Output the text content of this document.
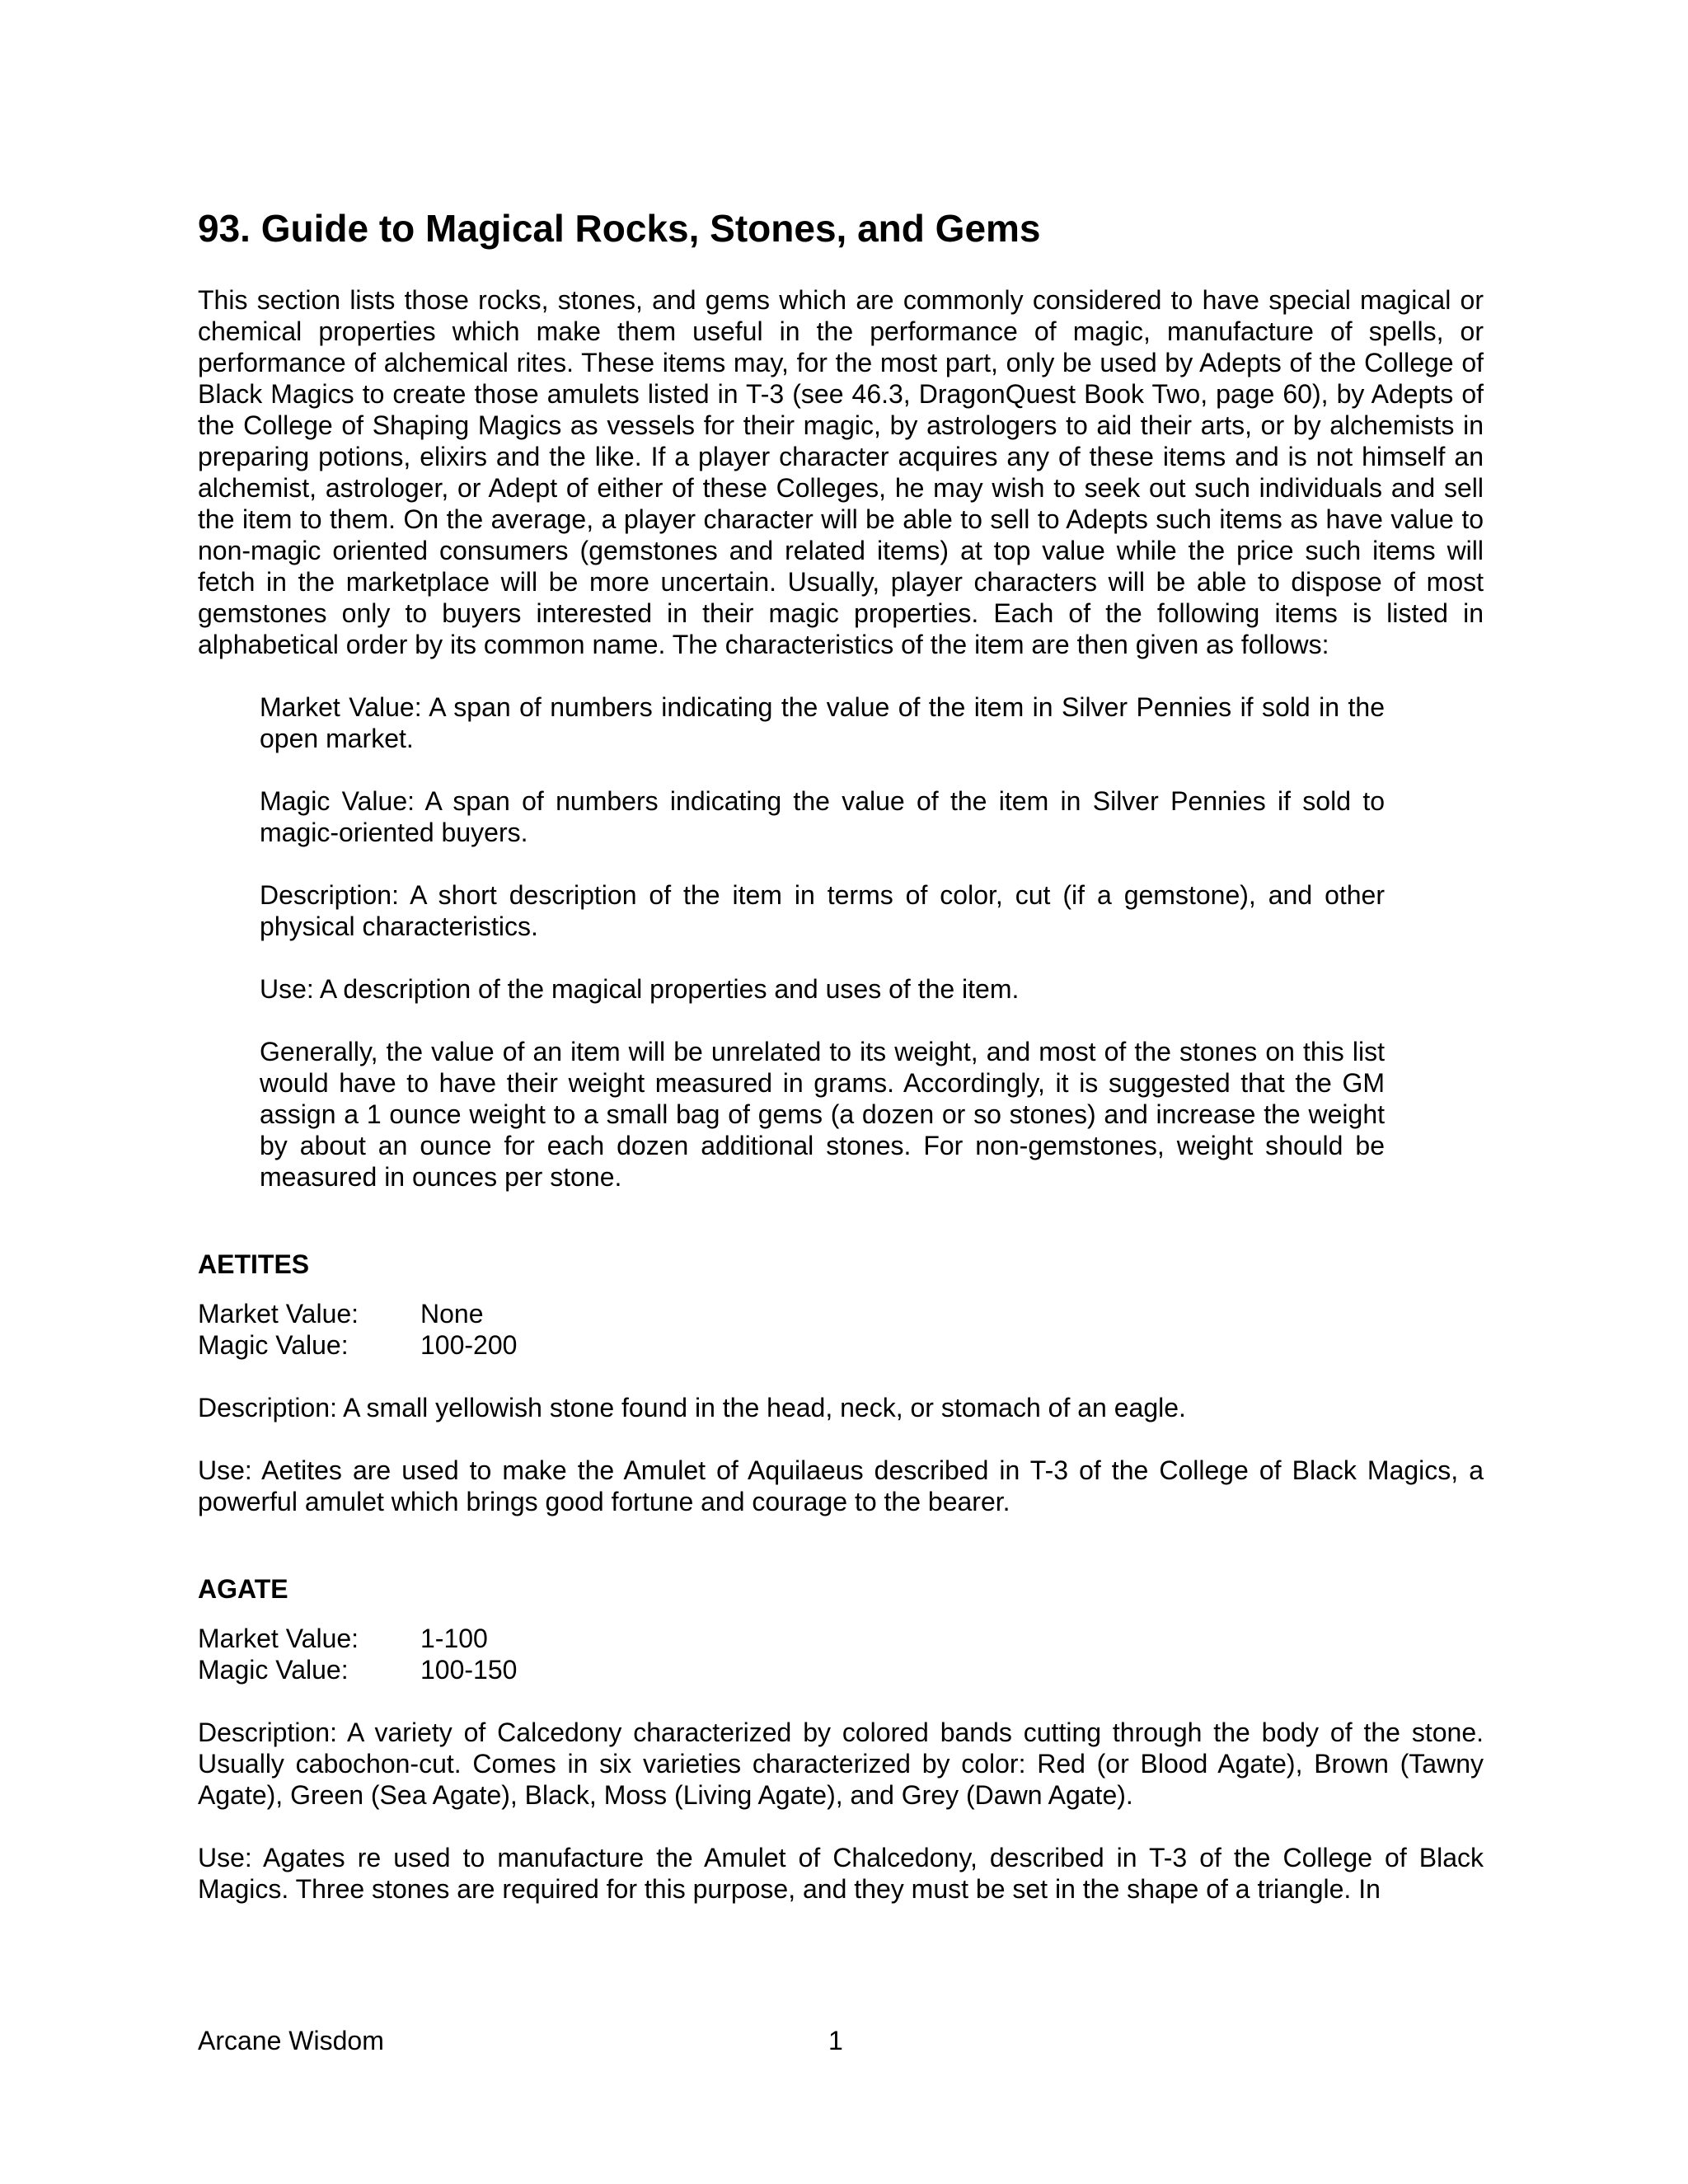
93. Guide to Magical Rocks, Stones, and Gems

This section lists those rocks, stones, and gems which are commonly considered to have special magical or chemical properties which make them useful in the performance of magic, manufacture of spells, or performance of alchemical rites. These items may, for the most part, only be used by Adepts of the College of Black Magics to create those amulets listed in T-3 (see 46.3, DragonQuest Book Two, page 60), by Adepts of the College of Shaping Magics as vessels for their magic, by astrologers to aid their arts, or by alchemists in preparing potions, elixirs and the like. If a player character acquires any of these items and is not himself an alchemist, astrologer, or Adept of either of these Colleges, he may wish to seek out such individuals and sell the item to them. On the average, a player character will be able to sell to Adepts such items as have value to non-magic oriented consumers (gemstones and related items) at top value while the price such items will fetch in the marketplace will be more uncertain. Usually, player characters will be able to dispose of most gemstones only to buyers interested in their magic properties. Each of the following items is listed in alphabetical order by its common name. The characteristics of the item are then given as follows:

Market Value: A span of numbers indicating the value of the item in Silver Pennies if sold in the open market.

Magic Value: A span of numbers indicating the value of the item in Silver Pennies if sold to magic-oriented buyers.

Description: A short description of the item in terms of color, cut (if a gemstone), and other physical characteristics.

Use: A description of the magical properties and uses of the item.

Generally, the value of an item will be unrelated to its weight, and most of the stones on this list would have to have their weight measured in grams. Accordingly, it is suggested that the GM assign a 1 ounce weight to a small bag of gems (a dozen or so stones) and increase the weight by about an ounce for each dozen additional stones. For non-gemstones, weight should be measured in ounces per stone.

AETITES
Market Value:	None
Magic Value:	100-200

Description: A small yellowish stone found in the head, neck, or stomach of an eagle.

Use: Aetites are used to make the Amulet of Aquilaeus described in T-3 of the College of Black Magics, a powerful amulet which brings good fortune and courage to the bearer.

AGATE
Market Value:	1-100
Magic Value:	100-150

Description: A variety of Calcedony characterized by colored bands cutting through the body of the stone. Usually cabochon-cut. Comes in six varieties characterized by color: Red (or Blood Agate), Brown (Tawny Agate), Green (Sea Agate), Black, Moss (Living Agate), and Grey (Dawn Agate).

Use: Agates re used to manufacture the Amulet of Chalcedony, described in T-3 of the College of Black Magics. Three stones are required for this purpose, and they must be set in the shape of a triangle. In

Arcane Wisdom	1
